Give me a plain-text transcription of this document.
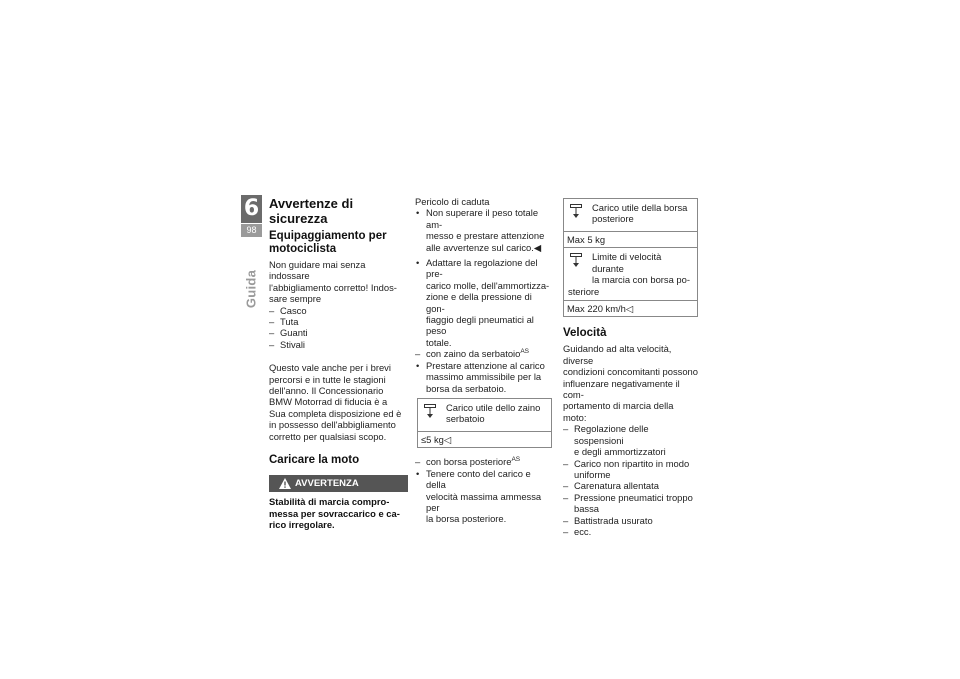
6
98
Guida
Avvertenze di sicurezza
Equipaggiamento per motociclista

Non guidare mai senza indossare

l'abbigliamento corretto! Indos-

sare sempre

– Casco

– Tuta

– Guanti

– Stivali

Questo vale anche per i brevi

percorsi e in tutte le stagioni

dell'anno. Il Concessionario

BMW Motorrad di fiducia è a

Sua completa disposizione ed è

in possesso dell'abbigliamento

corretto per qualsiasi scopo.

Caricare la moto
AVVERTENZA

Stabilità di marcia compro-

messa per sovraccarico e ca-

rico irregolare.

Pericolo di caduta

• Non superare il peso totale am-

messo e prestare attenzione

alle avvertenze sul carico.◀

• Adattare la regolazione del pre-

carico molle, dell'ammortizza-

zione e della pressione di gon-

fiaggio degli pneumatici al peso

totale.

– con zaino da serbatoio$^{AS}$

• Prestare attenzione al carico

massimo ammissibile per la

borsa da serbatoio.

Carico utile dello zaino

serbatoio

≤5 kg◁

– con borsa posteriore$^{AS}$

• Tenere conto del carico e della

velocità massima ammessa per

la borsa posteriore.

Carico utile della borsa

posteriore

Max 5 kg

Limite di velocità durante

la marcia con borsa po-

steriore

Max 220 km/h◁
Velocità

Guidando ad alta velocità, diverse

condizioni concomitanti possono

influenzare negativamente il com-

portamento di marcia della moto:

– Regolazione delle sospensioni

e degli ammortizzatori

– Carico non ripartito in modo

uniforme

– Carenatura allentata

– Pressione pneumatici troppo

bassa

– Battistrada usurato

– ecc.
